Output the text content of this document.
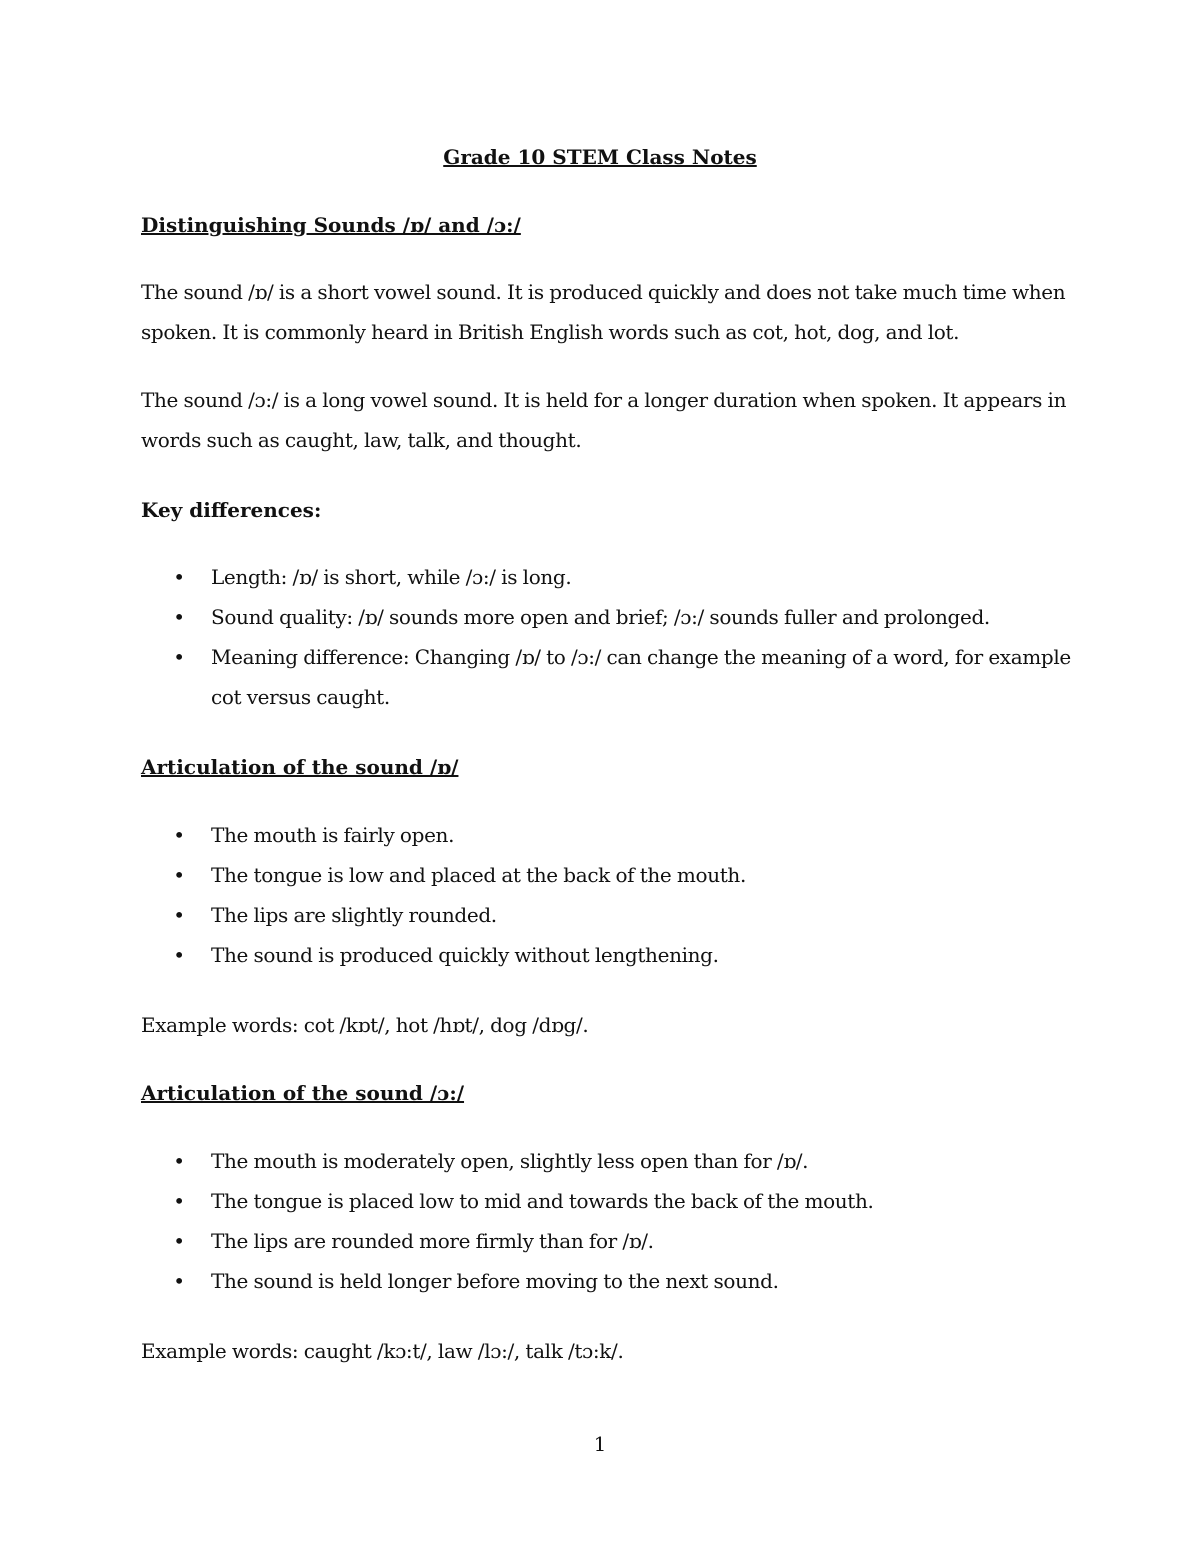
Grade 10 STEM Class Notes
Distinguishing Sounds /ɒ/ and /ɔ:/
The sound /ɒ/ is a short vowel sound. It is produced quickly and does not take much time when
spoken. It is commonly heard in British English words such as cot, hot, dog, and lot.
The sound /ɔ:/ is a long vowel sound. It is held for a longer duration when spoken. It appears in
words such as caught, law, talk, and thought.
Key differences:
• Length: /ɒ/ is short, while /ɔ:/ is long.
• Sound quality: /ɒ/ sounds more open and brief; /ɔ:/ sounds fuller and prolonged.
• Meaning difference: Changing /ɒ/ to /ɔ:/ can change the meaning of a word, for example
cot versus caught.
Articulation of the sound /ɒ/
• The mouth is fairly open.
• The tongue is low and placed at the back of the mouth.
• The lips are slightly rounded.
• The sound is produced quickly without lengthening.
Example words: cot /kɒt/, hot /hɒt/, dog /dɒg/.
Articulation of the sound /ɔ:/
• The mouth is moderately open, slightly less open than for /ɒ/.
• The tongue is placed low to mid and towards the back of the mouth.
• The lips are rounded more firmly than for /ɒ/.
• The sound is held longer before moving to the next sound.
Example words: caught /kɔ:t/, law /lɔ:/, talk /tɔ:k/.
1
